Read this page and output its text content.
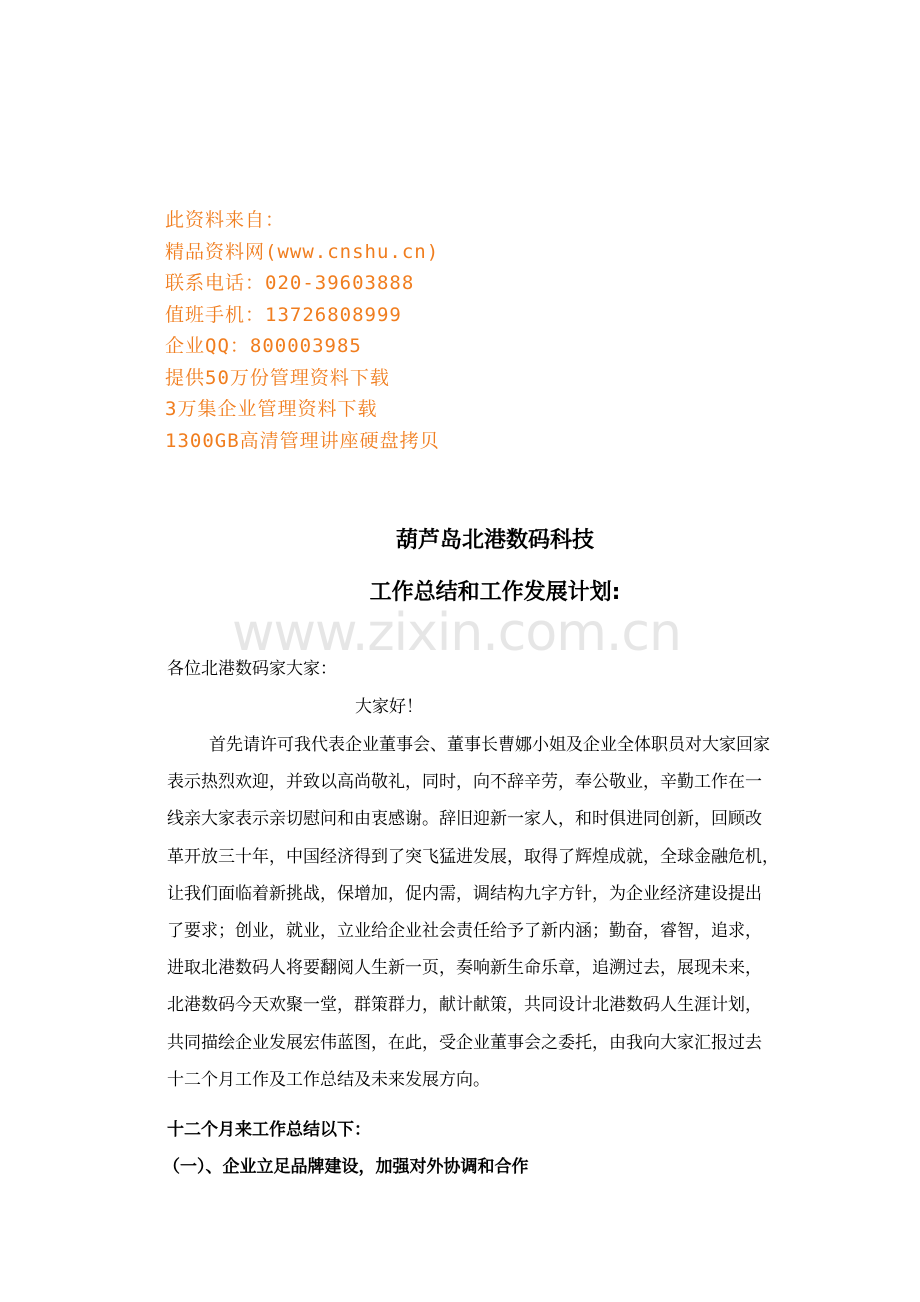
此资料来自：
精品资料网(www.cnshu.cn)
联系电话：020-39603888
值班手机：13726808999
企业QQ：800003985
提供50万份管理资料下载
3万集企业管理资料下载
1300GB高清管理讲座硬盘拷贝
葫芦岛北港数码科技
工作总结和工作发展计划:
www.zixin.com.cn
各位北港数码家大家：
大家好！
首先请许可我代表企业董事会、董事长曹娜小姐及企业全体职员对大家回家
表示热烈欢迎，并致以高尚敬礼，同时，向不辞辛劳，奉公敬业，辛勤工作在一
线亲大家表示亲切慰问和由衷感谢。辞旧迎新一家人，和时俱进同创新，回顾改
革开放三十年，中国经济得到了突飞猛进发展，取得了辉煌成就，全球金融危机，
让我们面临着新挑战，保增加，促内需，调结构九字方针，为企业经济建设提出
了要求；创业，就业，立业给企业社会责任给予了新内涵；勤奋，睿智，追求，
进取北港数码人将要翻阅人生新一页，奏响新生命乐章，追溯过去，展现未来，
北港数码今天欢聚一堂，群策群力，献计献策，共同设计北港数码人生涯计划，
共同描绘企业发展宏伟蓝图，在此，受企业董事会之委托，由我向大家汇报过去
十二个月工作及工作总结及未来发展方向。
十二个月来工作总结以下：
（一）、企业立足品牌建设，加强对外协调和合作
